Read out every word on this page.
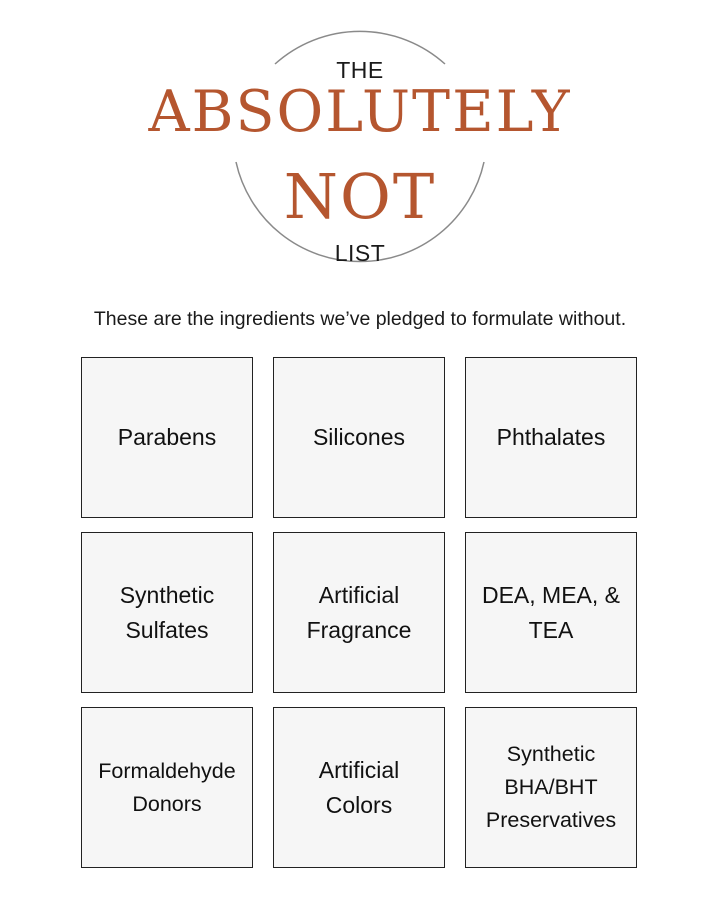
THE
ABSOLUTELY
NOT
LIST
These are the ingredients we’ve pledged to formulate without.
Parabens	Silicones	Phthalates
Synthetic
Sulfates
Artificial
Fragrance
DEA, MEA, &
TEA
Formaldehyde
Donors
Artificial
Colors
Synthetic
BHA/BHT
Preservatives
